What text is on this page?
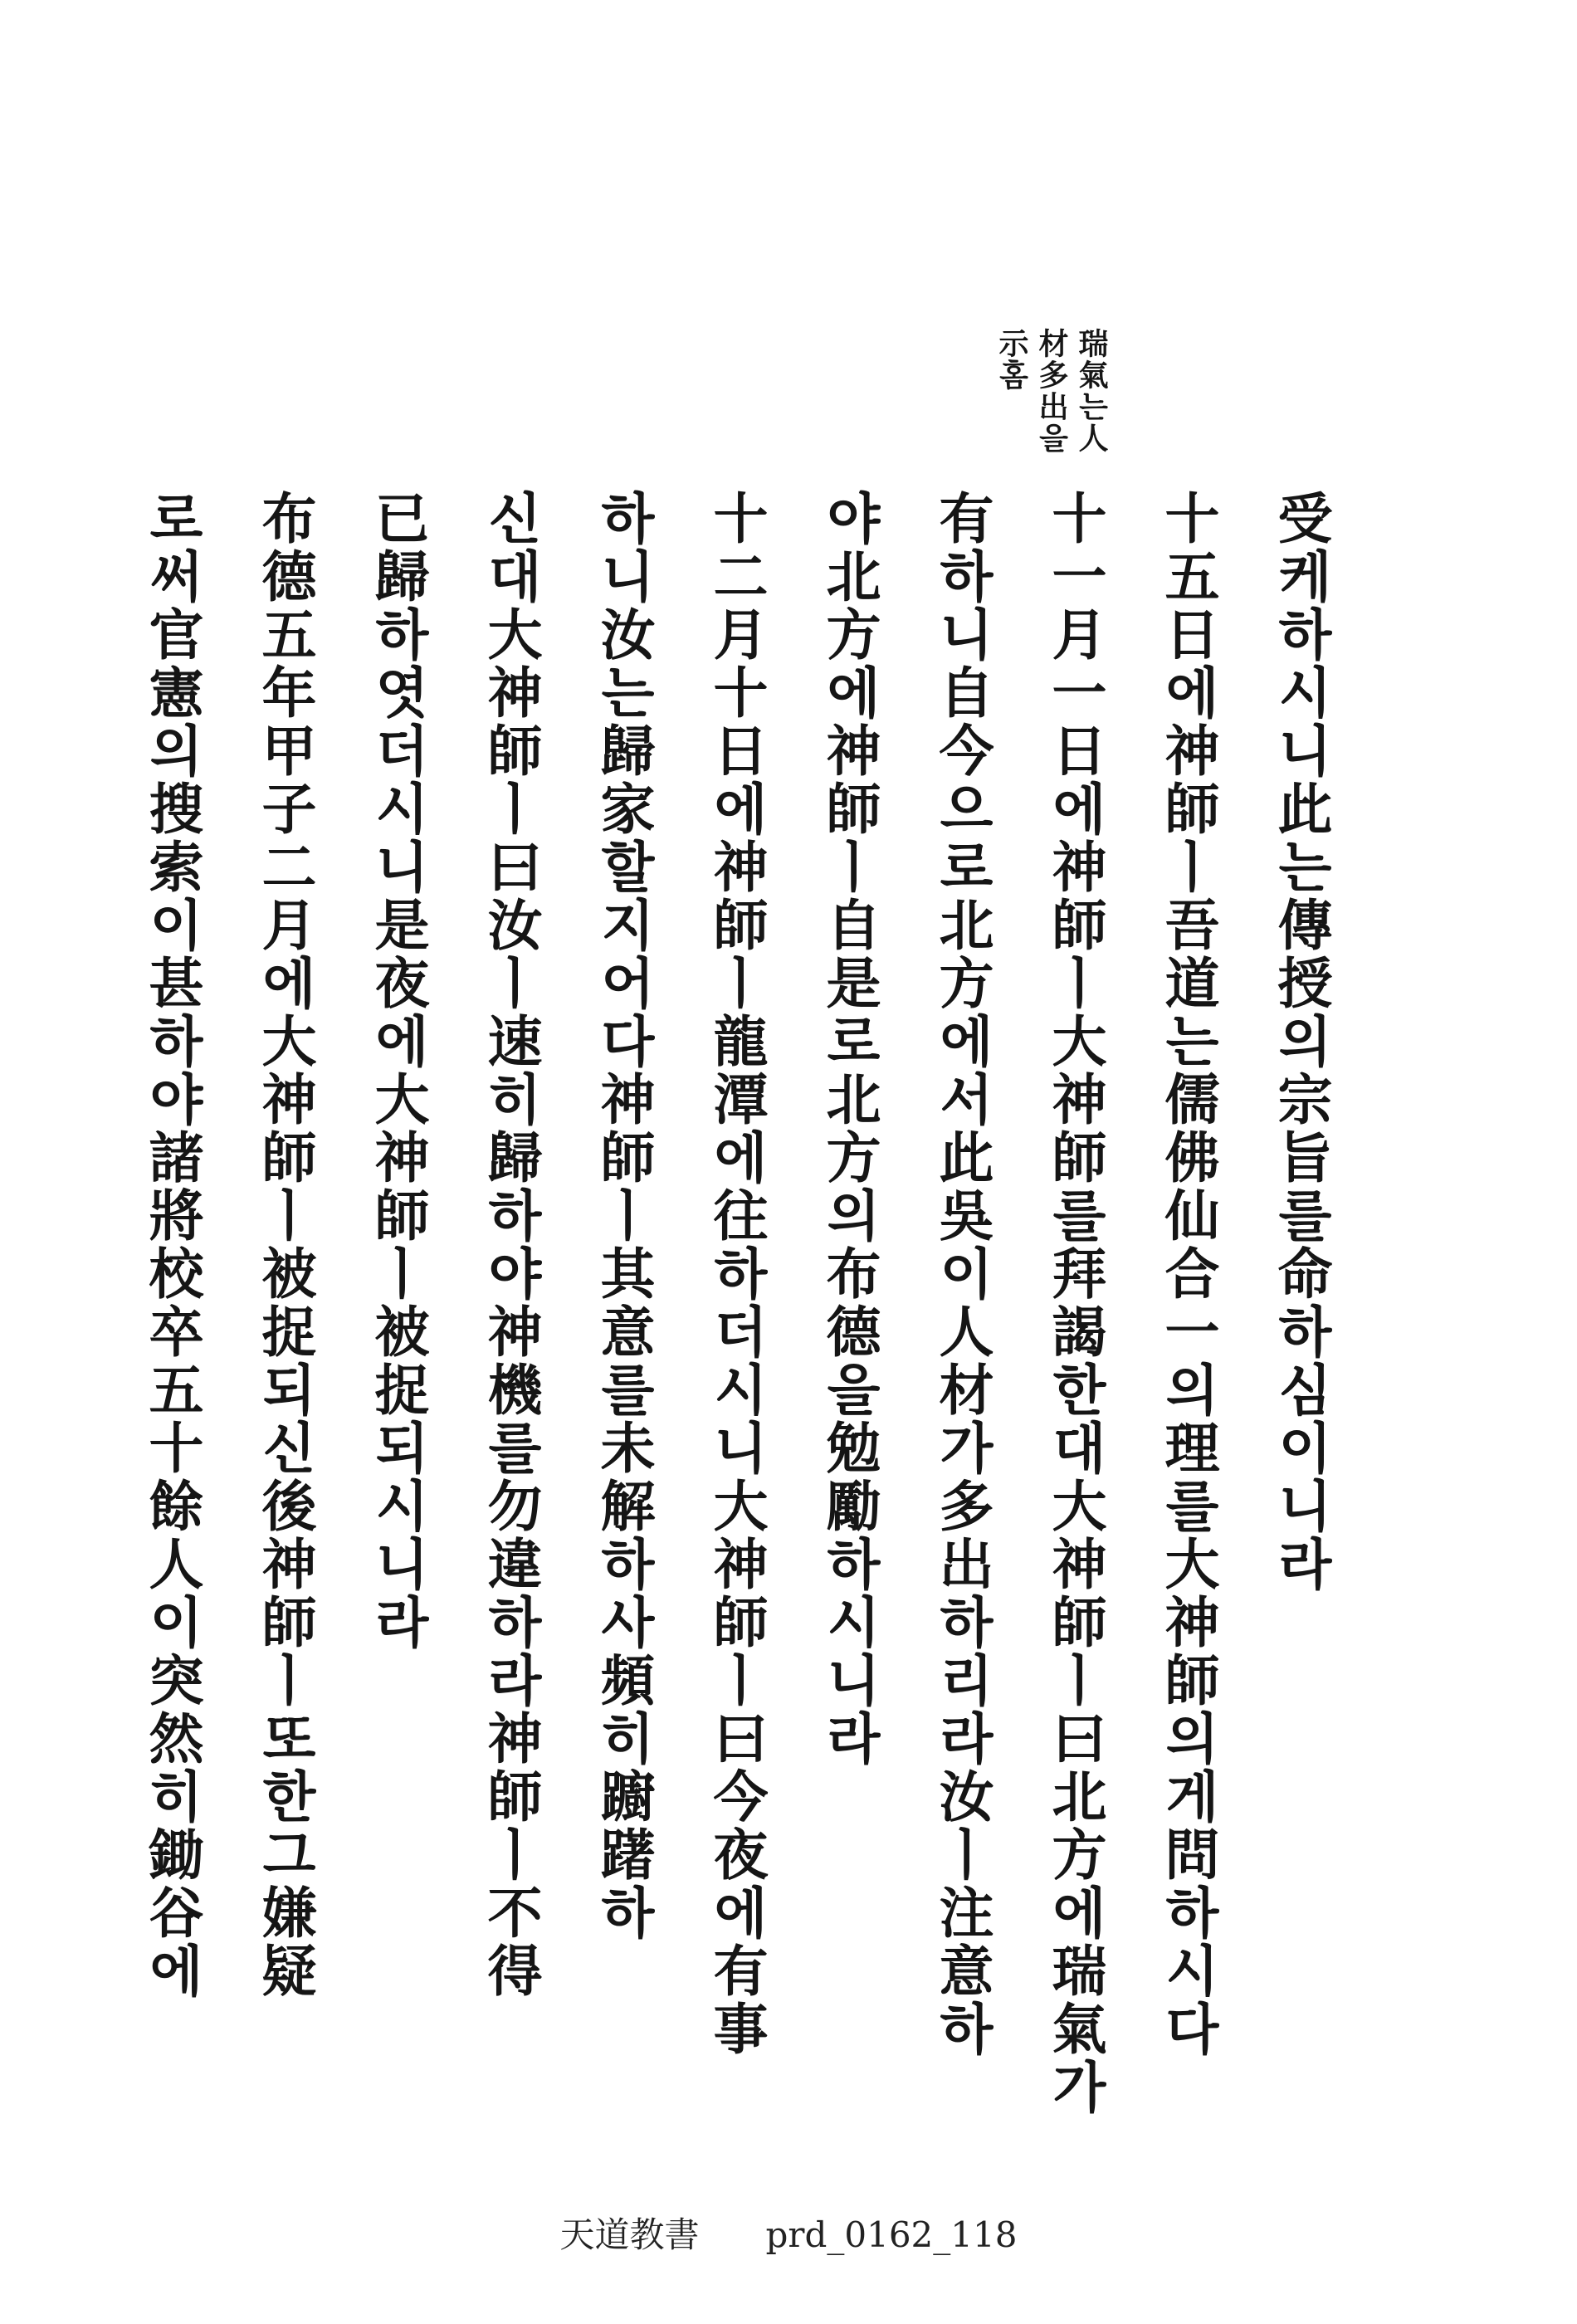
瑞氣는人
材多出을
示홈
受케하시니此는傳授의宗旨를命하심이니라
十五日에神師ㅣ吾道는儒佛仙合一의理를大神師의게問하시다
十一月一日에神師ㅣ大神師를拜謁한대大神師ㅣ曰北方에瑞氣가
有하니自今으로北方에서此吳이人材가多出하리라汝ㅣ注意하
야北方에神師ㅣ自是로北方의布德을勉勵하시니라
十二月十日에神師ㅣ龍潭에往하더시니大神師ㅣ曰今夜에有事
하니汝는歸家할지어다神師ㅣ其意를未解하사頻히躕躇하
신대大神師ㅣ曰汝ㅣ速히歸하야神機를勿違하라神師ㅣ不得
已歸하엿더시니是夜에大神師ㅣ被捉되시니라
布德五年甲子二月에大神師ㅣ被捉되신後神師ㅣ또한그嫌疑
로써官憲의搜索이甚하야諸將校卒五十餘人이突然히鋤谷에
天道教書 prd_0162_118
